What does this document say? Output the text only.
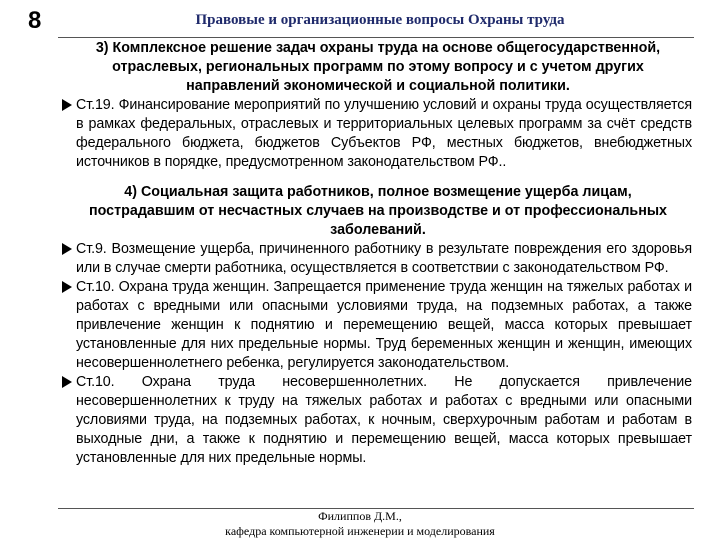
8	Правовые и организационные вопросы Охраны труда
3) Комплексное решение задач охраны труда на основе общегосударственной, отраслевых, региональных программ по этому вопросу и с учетом других направлений экономической и социальной политики.
Ст.19. Финансирование мероприятий по улучшению условий и охраны труда осуществляется в рамках федеральных, отраслевых и территориальных целевых программ за счёт средств федерального бюджета, бюджетов Субъектов РФ, местных бюджетов, внебюджетных источников в порядке, предусмотренном законодательством РФ..
4) Социальная защита работников, полное возмещение ущерба лицам, пострадавшим от несчастных случаев на производстве и от профессиональных заболеваний.
Ст.9. Возмещение ущерба, причиненного работнику в результате повреждения его здоровья или в случае смерти работника, осуществляется в соответствии с законодательством РФ.
Ст.10. Охрана труда женщин. Запрещается применение труда женщин на тяжелых работах и работах с вредными или опасными условиями труда, на подземных работах, а также привлечение женщин к поднятию и перемещению вещей, масса которых превышает установленные для них предельные нормы. Труд беременных женщин и женщин, имеющих несовершеннолетнего ребенка, регулируется законодательством.
Ст.10. Охрана труда несовершеннолетних. Не допускается привлечение несовершеннолетних к труду на тяжелых работах и работах с вредными или опасными условиями труда, на подземных работах, к ночным, сверхурочным работам и работам в выходные дни, а также к поднятию и перемещению вещей, масса которых превышает установленные для них предельные нормы.
Филиппов Д.М.,
кафедра компьютерной инженерии и моделирования
